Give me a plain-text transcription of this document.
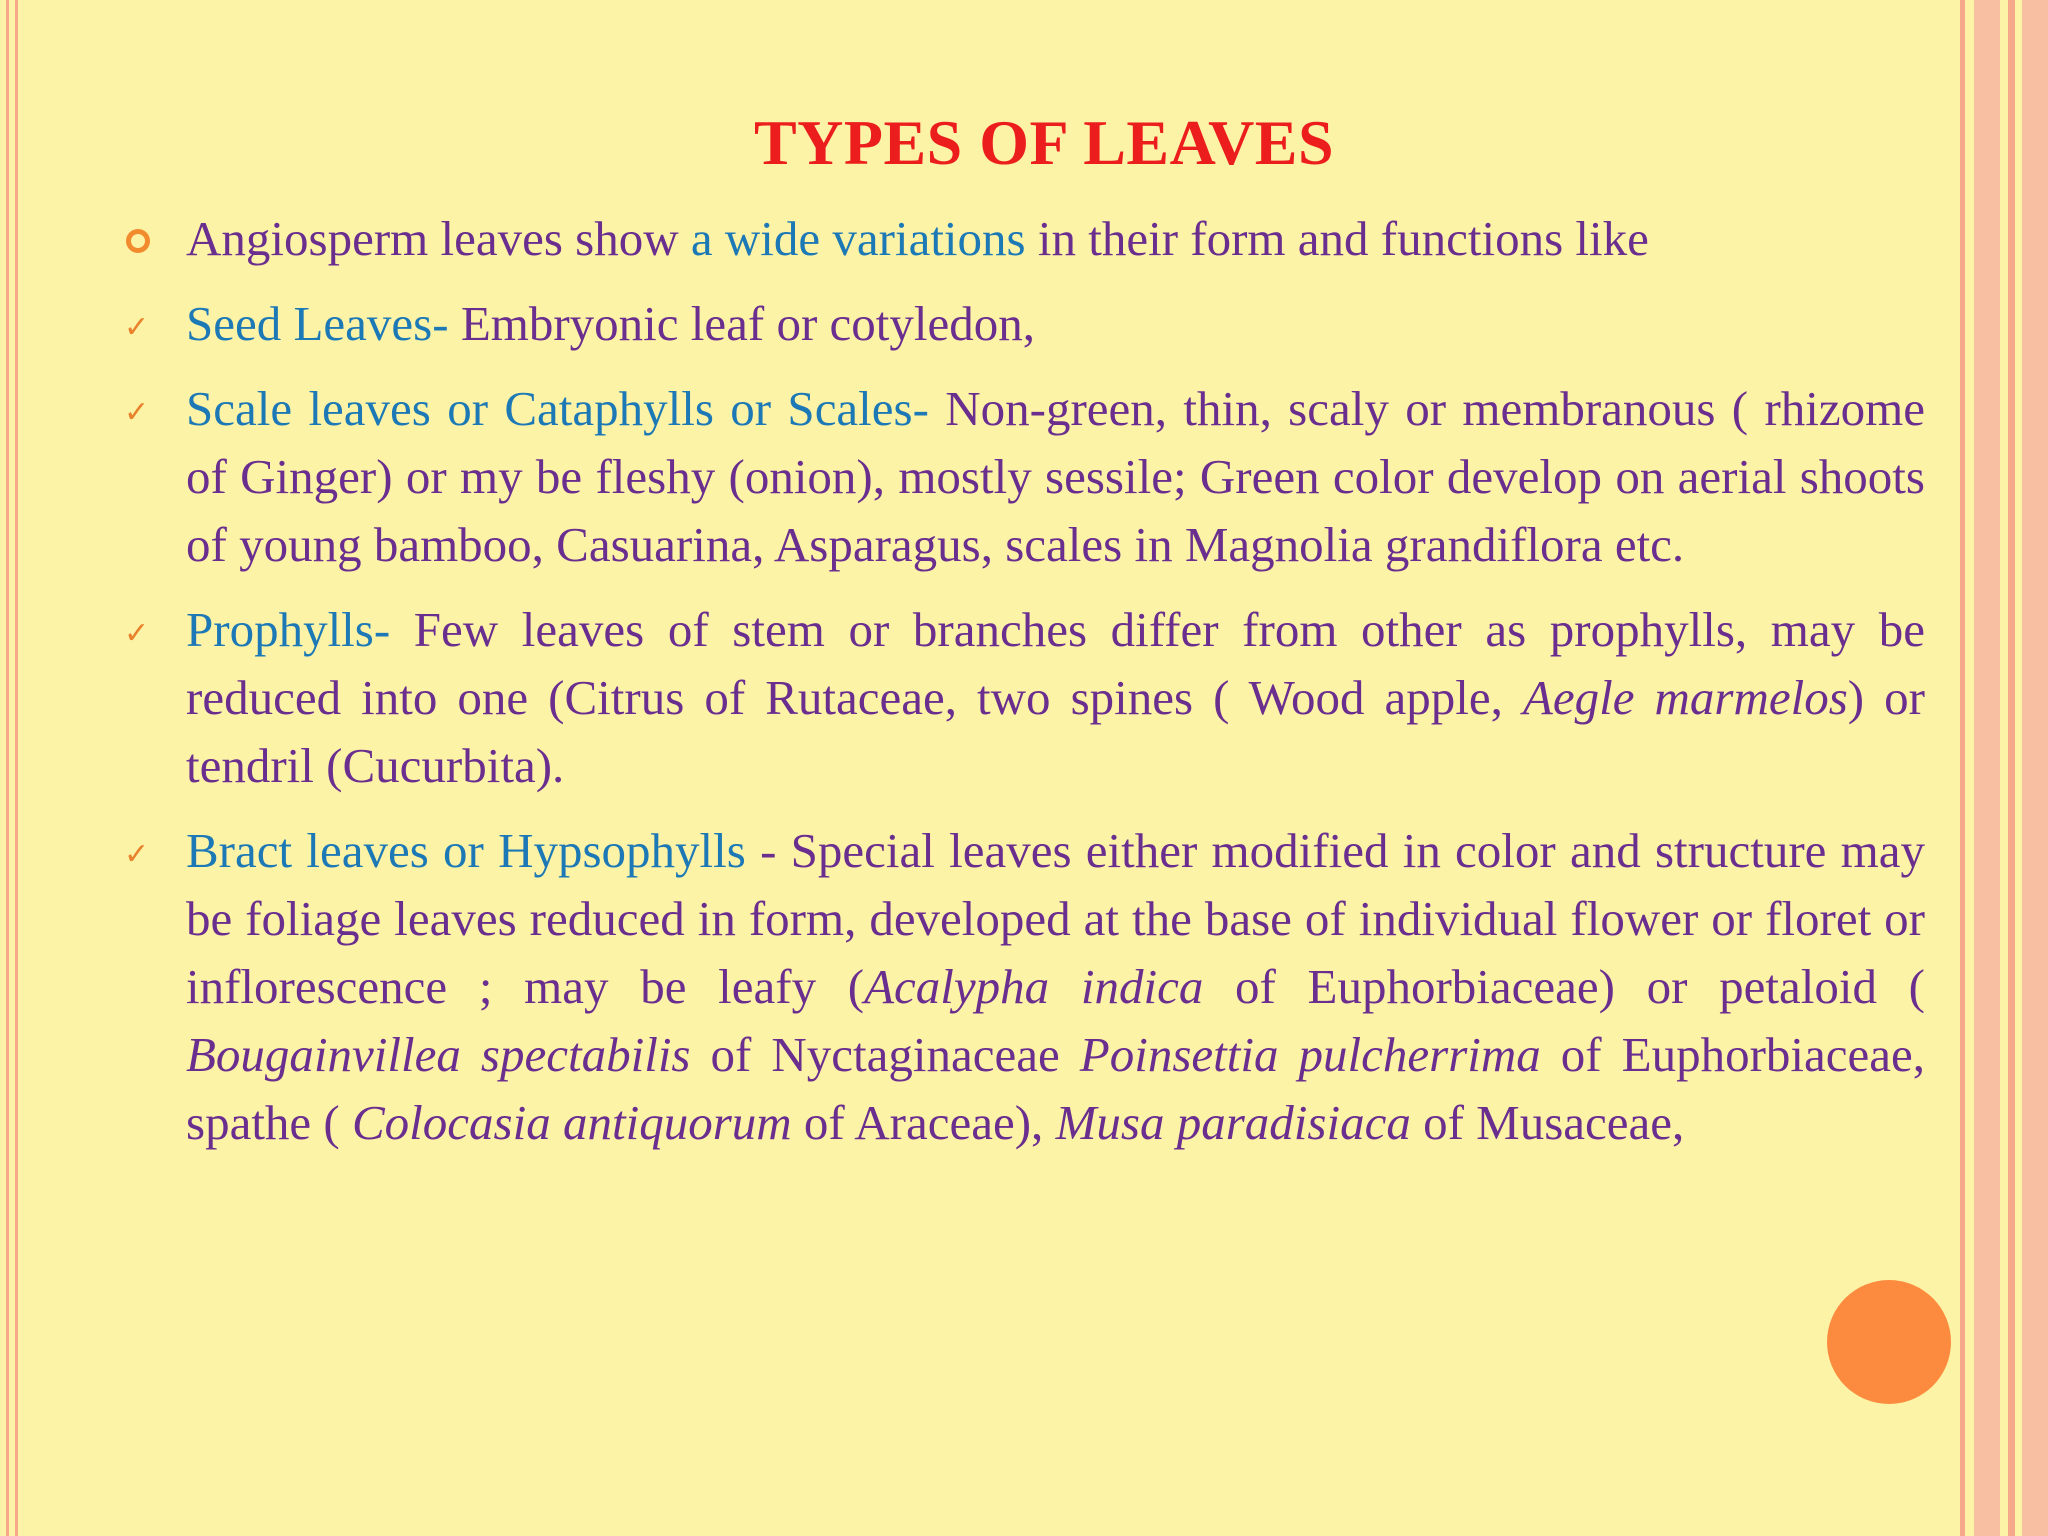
TYPES OF LEAVES
Angiosperm leaves show a wide variations in their form and functions like
✓ Seed Leaves- Embryonic leaf or cotyledon,
✓ Scale leaves or Cataphylls or Scales- Non-green, thin, scaly or membranous ( rhizome of Ginger) or my be fleshy (onion), mostly sessile; Green color develop on aerial shoots of young bamboo, Casuarina, Asparagus, scales in Magnolia grandiflora etc.
✓ Prophylls- Few leaves of stem or branches differ from other as prophylls, may be reduced into one (Citrus of Rutaceae, two spines ( Wood apple, Aegle marmelos) or tendril (Cucurbita).
✓ Bract leaves or Hypsophylls - Special leaves either modified in color and structure may be foliage leaves reduced in form, developed at the base of individual flower or floret or inflorescence ; may be leafy (Acalypha indica of Euphorbiaceae) or petaloid ( Bougainvillea spectabilis of Nyctaginaceae Poinsettia pulcherrima of Euphorbiaceae, spathe ( Colocasia antiquorum of Araceae), Musa paradisiaca of Musaceae,
